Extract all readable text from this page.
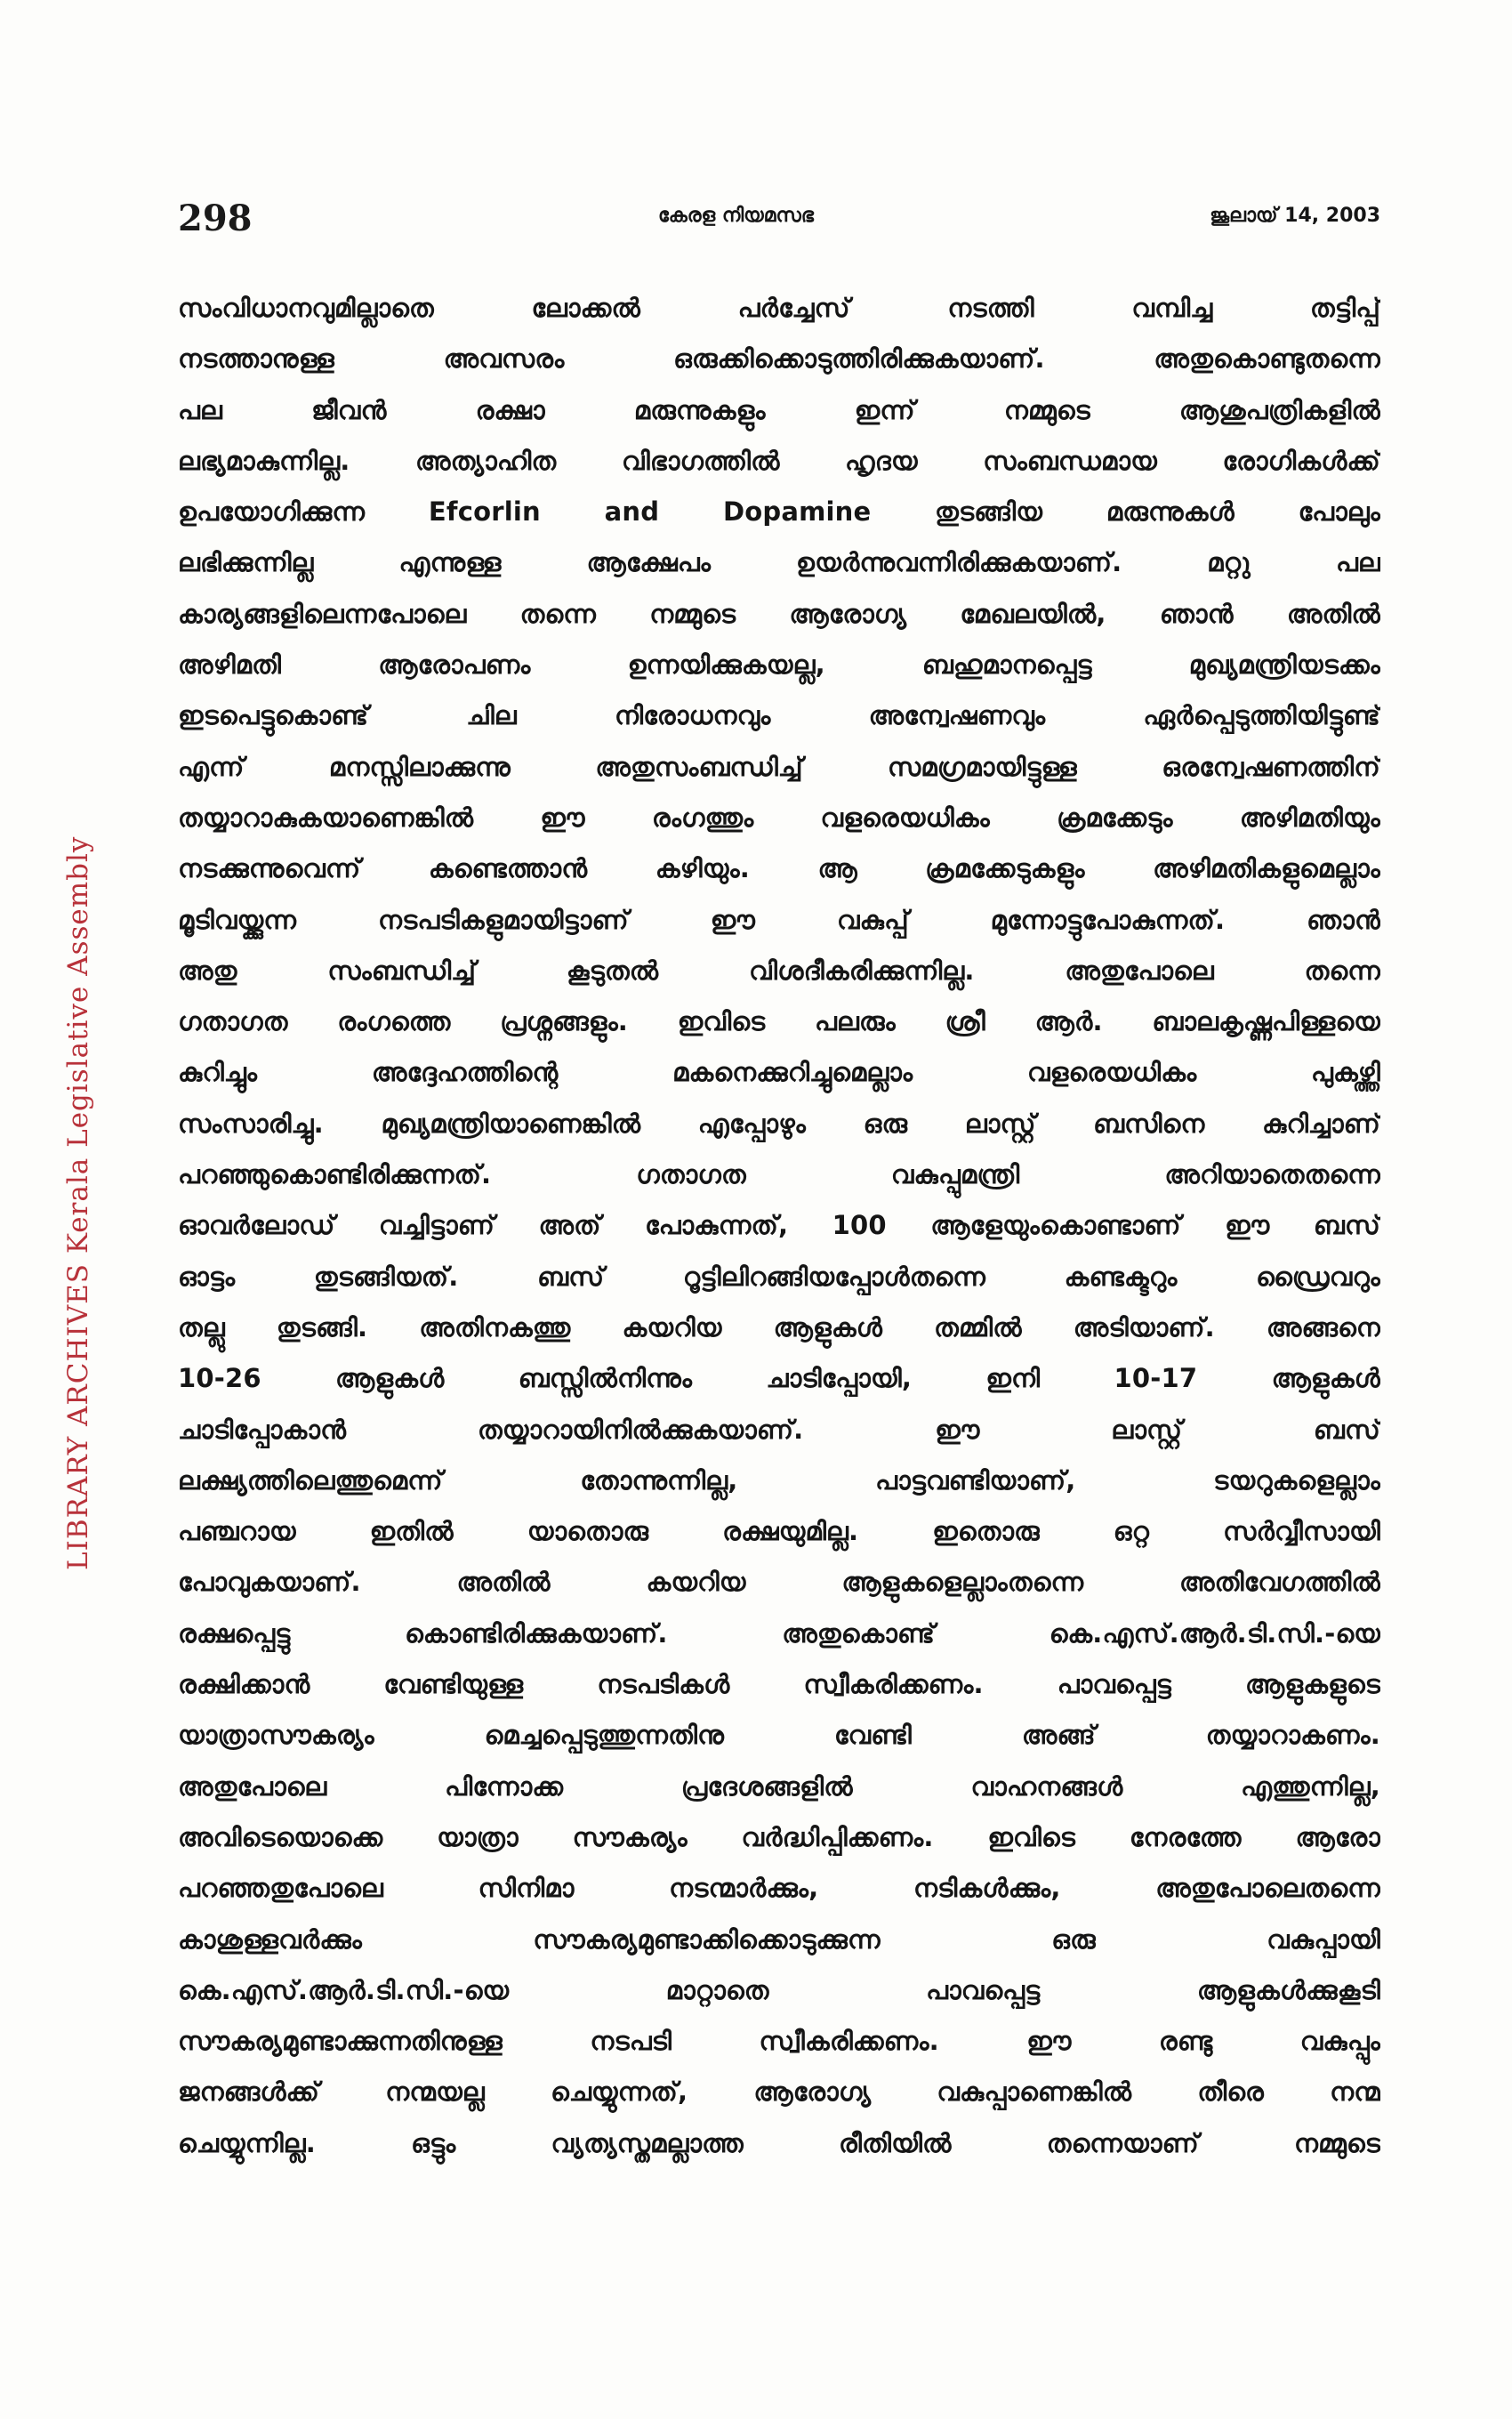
298	കേരള നിയമസഭ	ജൂലായ് 14, 2003
LIBRARY ARCHIVES Kerala Legislative Assembly
സംവിധാനവുമില്ലാതെ ലോക്കൽ പർച്ചേസ് നടത്തി വമ്പിച്ച തട്ടിപ്പ്
നടത്താനുള്ള അവസരം ഒരുക്കിക്കൊടുത്തിരിക്കുകയാണ്. അതുകൊണ്ടുതന്നെ
പല ജീവൻ രക്ഷാ മരുന്നുകളും ഇന്ന് നമ്മുടെ ആശുപത്രികളിൽ
ലഭ്യമാകുന്നില്ല. അത്യാഹിത വിഭാഗത്തിൽ ഹൃദയ സംബന്ധമായ രോഗികൾക്ക്
ഉപയോഗിക്കുന്ന Efcorlin and Dopamine തുടങ്ങിയ മരുന്നുകൾ പോലും
ലഭിക്കുന്നില്ല എന്നുള്ള ആക്ഷേപം ഉയർന്നുവന്നിരിക്കുകയാണ്. മറ്റു പല
കാര്യങ്ങളിലെന്നപോലെ തന്നെ നമ്മുടെ ആരോഗ്യ മേഖലയിൽ, ഞാൻ അതിൽ
അഴിമതി ആരോപണം ഉന്നയിക്കുകയല്ല, ബഹുമാനപ്പെട്ട മുഖ്യമന്ത്രിയടക്കം
ഇടപെട്ടുകൊണ്ട് ചില നിരോധനവും അന്വേഷണവും ഏർപ്പെടുത്തിയിട്ടുണ്ട്
എന്ന് മനസ്സിലാക്കുന്നു അതുസംബന്ധിച്ച് സമഗ്രമായിട്ടുള്ള ഒരന്വേഷണത്തിന്
തയ്യാറാകുകയാണെങ്കിൽ ഈ രംഗത്തും വളരെയധികം ക്രമക്കേടും അഴിമതിയും
നടക്കുന്നുവെന്ന് കണ്ടെത്താൻ കഴിയും. ആ ക്രമക്കേടുകളും അഴിമതികളുമെല്ലാം
മൂടിവയ്ക്കുന്ന നടപടികളുമായിട്ടാണ് ഈ വകുപ്പ് മുന്നോട്ടുപോകുന്നത്. ഞാൻ
അതു സംബന്ധിച്ച് കൂടുതൽ വിശദീകരിക്കുന്നില്ല. അതുപോലെ തന്നെ
ഗതാഗത രംഗത്തെ പ്രശ്നങ്ങളും. ഇവിടെ പലരും ശ്രീ ആർ. ബാലകൃഷ്ണപിള്ളയെ
കുറിച്ചും അദ്ദേഹത്തിന്റെ മകനെക്കുറിച്ചുമെല്ലാം വളരെയധികം പുകഴ്ത്തി
സംസാരിച്ചു. മുഖ്യമന്ത്രിയാണെങ്കിൽ എപ്പോഴും ഒരു ലാസ്റ്റ് ബസിനെ കുറിച്ചാണ്
പറഞ്ഞുകൊണ്ടിരിക്കുന്നത്. ഗതാഗത വകുപ്പുമന്ത്രി അറിയാതെതന്നെ
ഓവർലോഡ് വച്ചിട്ടാണ് അത് പോകുന്നത്, 100 ആളേയുംകൊണ്ടാണ് ഈ ബസ്
ഓട്ടം തുടങ്ങിയത്. ബസ് റൂട്ടിലിറങ്ങിയപ്പോൾതന്നെ കണ്ടക്ടറും ഡ്രൈവറും
തല്ലു തുടങ്ങി. അതിനകത്തു കയറിയ ആളുകൾ തമ്മിൽ അടിയാണ്. അങ്ങനെ
10-26 ആളുകൾ ബസ്സിൽനിന്നും ചാടിപ്പോയി, ഇനി 10-17 ആളുകൾ
ചാടിപ്പോകാൻ തയ്യാറായിനിൽക്കുകയാണ്. ഈ ലാസ്റ്റ് ബസ്
ലക്ഷ്യത്തിലെത്തുമെന്ന് തോന്നുന്നില്ല, പാട്ടവണ്ടിയാണ്, ടയറുകളെല്ലാം
പഞ്ചറായ ഇതിൽ യാതൊരു രക്ഷയുമില്ല. ഇതൊരു ഒറ്റ സർവ്വീസായി
പോവുകയാണ്. അതിൽ കയറിയ ആളുകളെല്ലാംതന്നെ അതിവേഗത്തിൽ
രക്ഷപ്പെട്ടു കൊണ്ടിരിക്കുകയാണ്. അതുകൊണ്ട് കെ.എസ്.ആർ.ടി.സി.-യെ
രക്ഷിക്കാൻ വേണ്ടിയുള്ള നടപടികൾ സ്വീകരിക്കണം. പാവപ്പെട്ട ആളുകളുടെ
യാത്രാസൗകര്യം മെച്ചപ്പെടുത്തുന്നതിനു വേണ്ടി അങ്ങ് തയ്യാറാകണം.
അതുപോലെ പിന്നോക്ക പ്രദേശങ്ങളിൽ വാഹനങ്ങൾ എത്തുന്നില്ല,
അവിടെയൊക്കെ യാത്രാ സൗകര്യം വർദ്ധിപ്പിക്കണം. ഇവിടെ നേരത്തേ ആരോ
പറഞ്ഞതുപോലെ സിനിമാ നടന്മാർക്കും, നടികൾക്കും, അതുപോലെതന്നെ
കാശുള്ളവർക്കും സൗകര്യമുണ്ടാക്കിക്കൊടുക്കുന്ന ഒരു വകുപ്പായി
കെ.എസ്.ആർ.ടി.സി.-യെ മാറ്റാതെ പാവപ്പെട്ട ആളുകൾക്കുകൂടി
സൗകര്യമുണ്ടാക്കുന്നതിനുള്ള നടപടി സ്വീകരിക്കണം. ഈ രണ്ടു വകുപ്പും
ജനങ്ങൾക്ക് നന്മയല്ല ചെയ്യുന്നത്, ആരോഗ്യ വകുപ്പാണെങ്കിൽ തീരെ നന്മ
ചെയ്യുന്നില്ല. ഒട്ടും വ്യത്യസ്തമല്ലാത്ത രീതിയിൽ തന്നെയാണ് നമ്മുടെ
